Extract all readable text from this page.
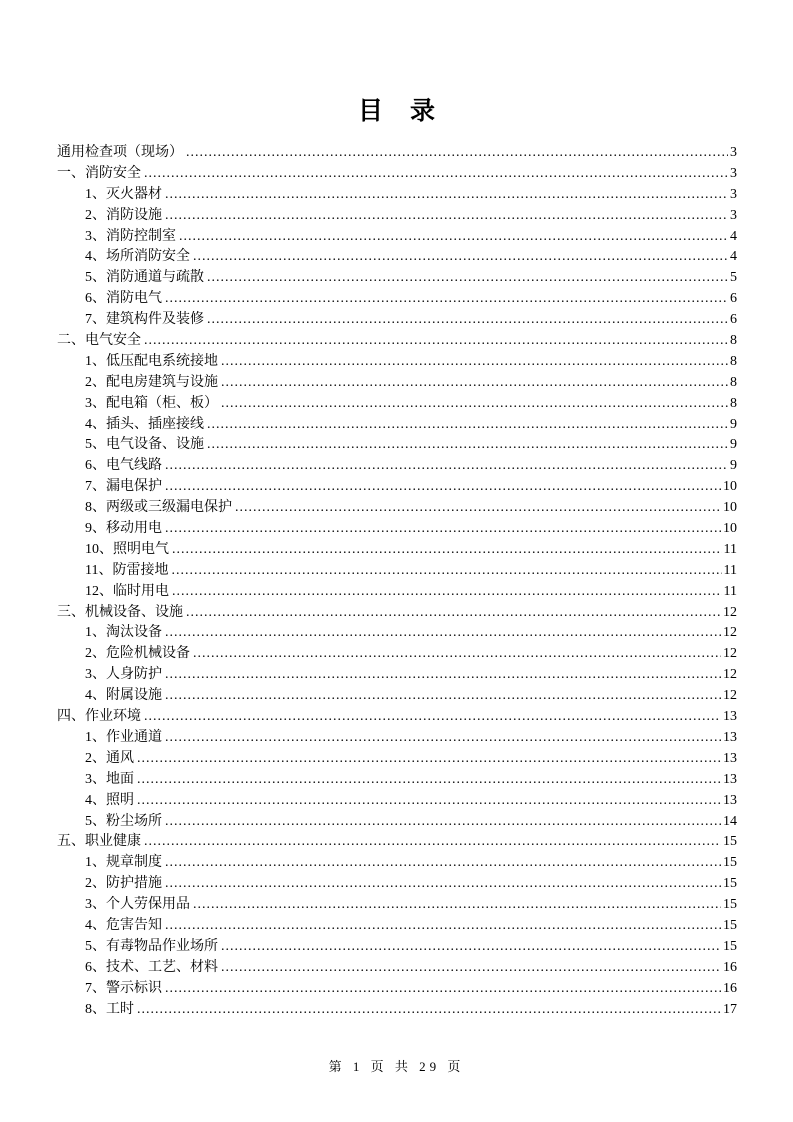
目　录
通用检查项（现场） .....	3
一、消防安全 .....	3
1、灭火器材 .....	3
2、消防设施 .....	3
3、消防控制室 .....	4
4、场所消防安全 .....	4
5、消防通道与疏散 .....	5
6、消防电气 .....	6
7、建筑构件及装修 .....	6
二、电气安全 .....	8
1、低压配电系统接地 .....	8
2、配电房建筑与设施 .....	8
3、配电箱（柜、板） .....	8
4、插头、插座接线 .....	9
5、电气设备、设施 .....	9
6、电气线路 .....	9
7、漏电保护 .....	10
8、两级或三级漏电保护 .....	10
9、移动用电 .....	10
10、照明电气 .....	11
11、防雷接地 .....	11
12、临时用电 .....	11
三、机械设备、设施 .....	12
1、淘汰设备 .....	12
2、危险机械设备 .....	12
3、人身防护 .....	12
4、附属设施 .....	12
四、作业环境 .....	13
1、作业通道 .....	13
2、通风 .....	13
3、地面 .....	13
4、照明 .....	13
5、粉尘场所 .....	14
五、职业健康 .....	15
1、规章制度 .....	15
2、防护措施 .....	15
3、个人劳保用品 .....	15
4、危害告知 .....	15
5、有毒物品作业场所 .....	15
6、技术、工艺、材料 .....	16
7、警示标识 .....	16
8、工时 .....	17
第 1 页 共 29 页
